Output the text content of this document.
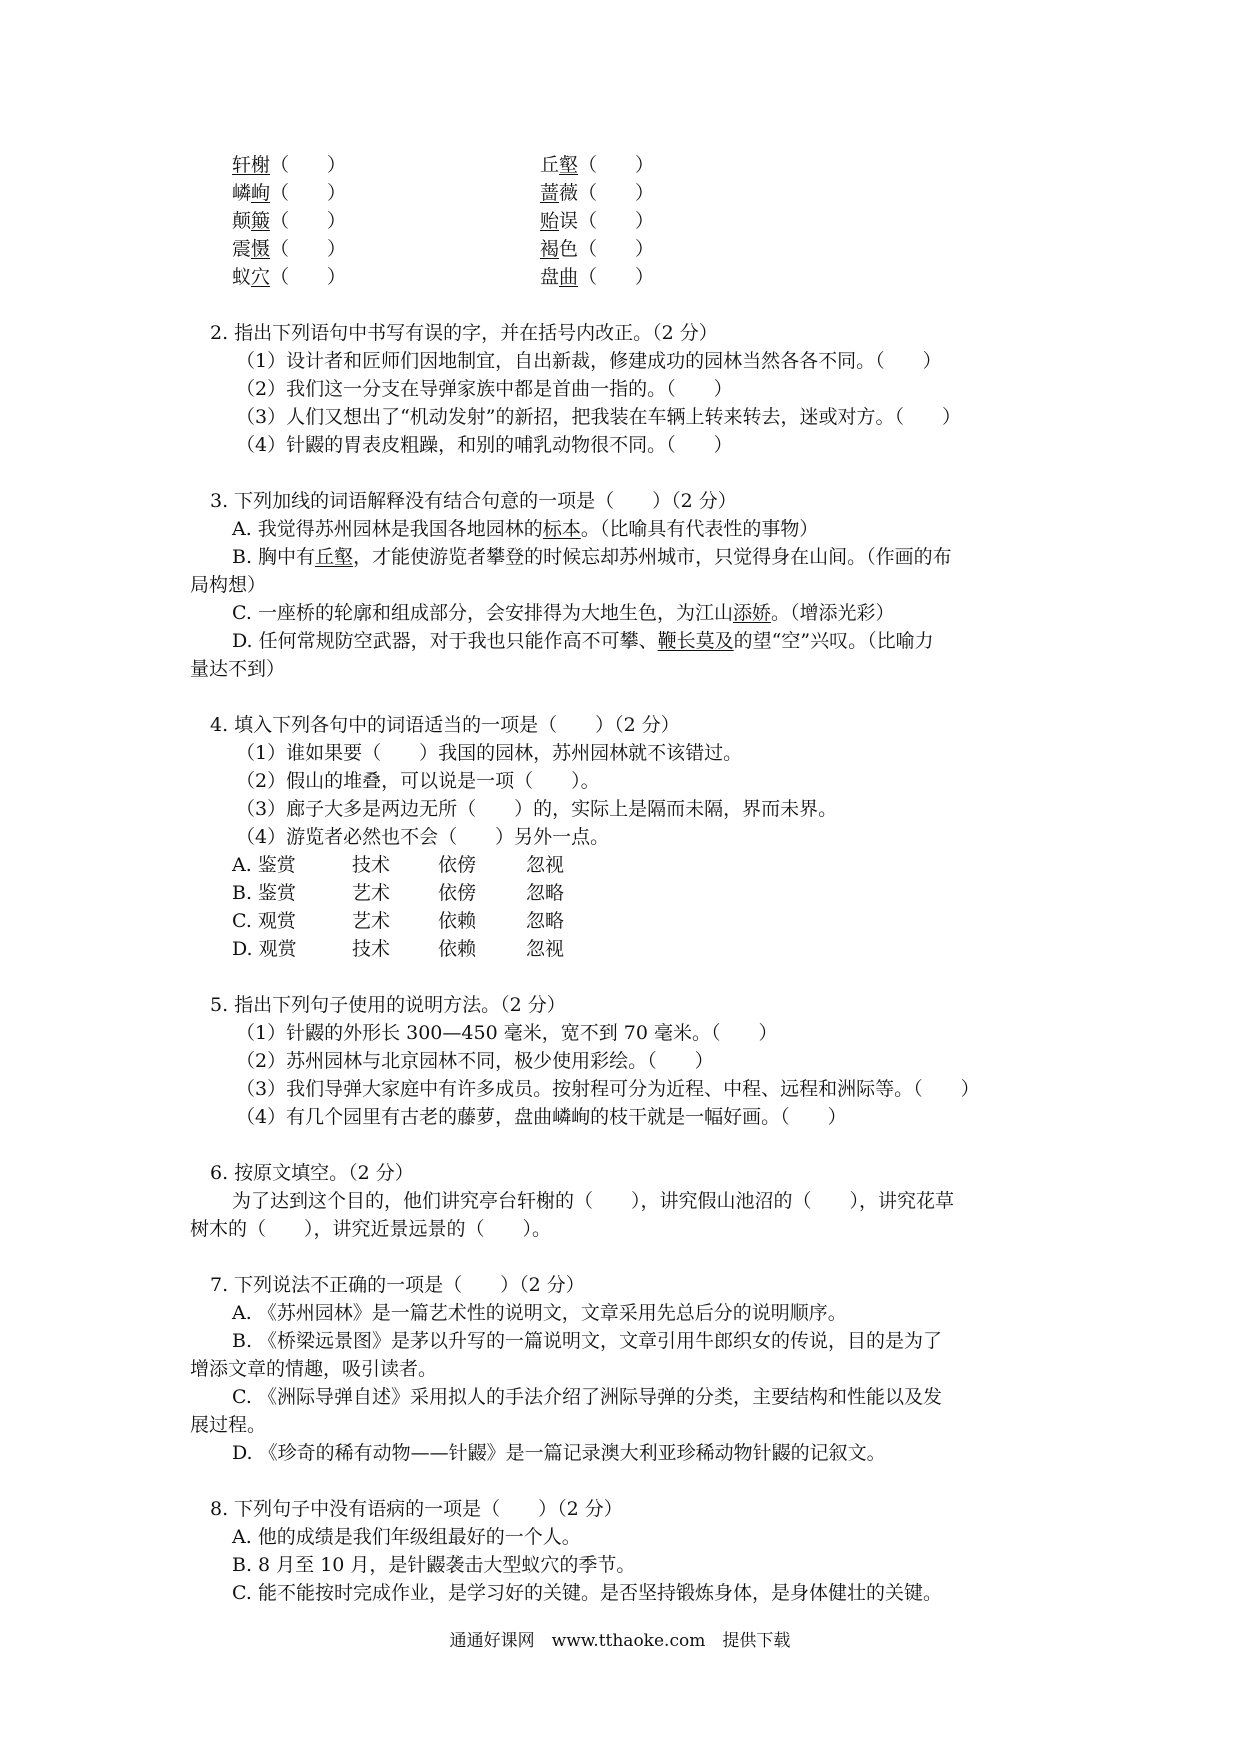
轩榭（　　）	丘壑（　　）
嶙峋（　　）	蔷薇（　　）
颠簸（　　）	贻误（　　）
震慑（　　）	褐色（　　）
蚁穴（　　）	盘曲（　　）
2. 指出下列语句中书写有误的字，并在括号内改正。（2 分）
（1）设计者和匠师们因地制宜，自出新裁，修建成功的园林当然各各不同。（　　）
（2）我们这一分支在导弹家族中都是首曲一指的。（　　）
（3）人们又想出了“机动发射”的新招，把我装在车辆上转来转去，迷或对方。（　　）
（4）针鼹的胃表皮粗躁，和别的哺乳动物很不同。（　　）
3. 下列加线的词语解释没有结合句意的一项是（　　）（2 分）
A. 我觉得苏州园林是我国各地园林的标本。（比喻具有代表性的事物）
B. 胸中有丘壑，才能使游览者攀登的时候忘却苏州城市，只觉得身在山间。（作画的布
局构想）
C. 一座桥的轮廓和组成部分，会安排得为大地生色，为江山添娇。（增添光彩）
D. 任何常规防空武器，对于我也只能作高不可攀、鞭长莫及的望“空”兴叹。（比喻力
量达不到）
4. 填入下列各句中的词语适当的一项是（　　）（2 分）
（1）谁如果要（　　）我国的园林，苏州园林就不该错过。
（2）假山的堆叠，可以说是一项（　　）。
（3）廊子大多是两边无所（　　）的，实际上是隔而未隔，界而未界。
（4）游览者必然也不会（　　）另外一点。
A. 鉴赏	技术	依傍	忽视
B. 鉴赏	艺术	依傍	忽略
C. 观赏	艺术	依赖	忽略
D. 观赏	技术	依赖	忽视
5. 指出下列句子使用的说明方法。（2 分）
（1）针鼹的外形长 300—450 毫米，宽不到 70 毫米。（　　）
（2）苏州园林与北京园林不同，极少使用彩绘。（　　）
（3）我们导弹大家庭中有许多成员。按射程可分为近程、中程、远程和洲际等。（　　）
（4）有几个园里有古老的藤萝，盘曲嶙峋的枝干就是一幅好画。（　　）
6. 按原文填空。（2 分）
为了达到这个目的，他们讲究亭台轩榭的（　　），讲究假山池沼的（　　），讲究花草
树木的（　　），讲究近景远景的（　　）。
7. 下列说法不正确的一项是（　　）（2 分）
A. 《苏州园林》是一篇艺术性的说明文，文章采用先总后分的说明顺序。
B. 《桥梁远景图》是茅以升写的一篇说明文，文章引用牛郎织女的传说，目的是为了
增添文章的情趣，吸引读者。
C. 《洲际导弹自述》采用拟人的手法介绍了洲际导弹的分类，主要结构和性能以及发
展过程。
D. 《珍奇的稀有动物——针鼹》是一篇记录澳大利亚珍稀动物针鼹的记叙文。
8. 下列句子中没有语病的一项是（　　）（2 分）
A. 他的成绩是我们年级组最好的一个人。
B. 8 月至 10 月，是针鼹袭击大型蚁穴的季节。
C. 能不能按时完成作业，是学习好的关键。是否坚持锻炼身体，是身体健壮的关键。
通通好课网　www.tthaoke.com　提供下载
